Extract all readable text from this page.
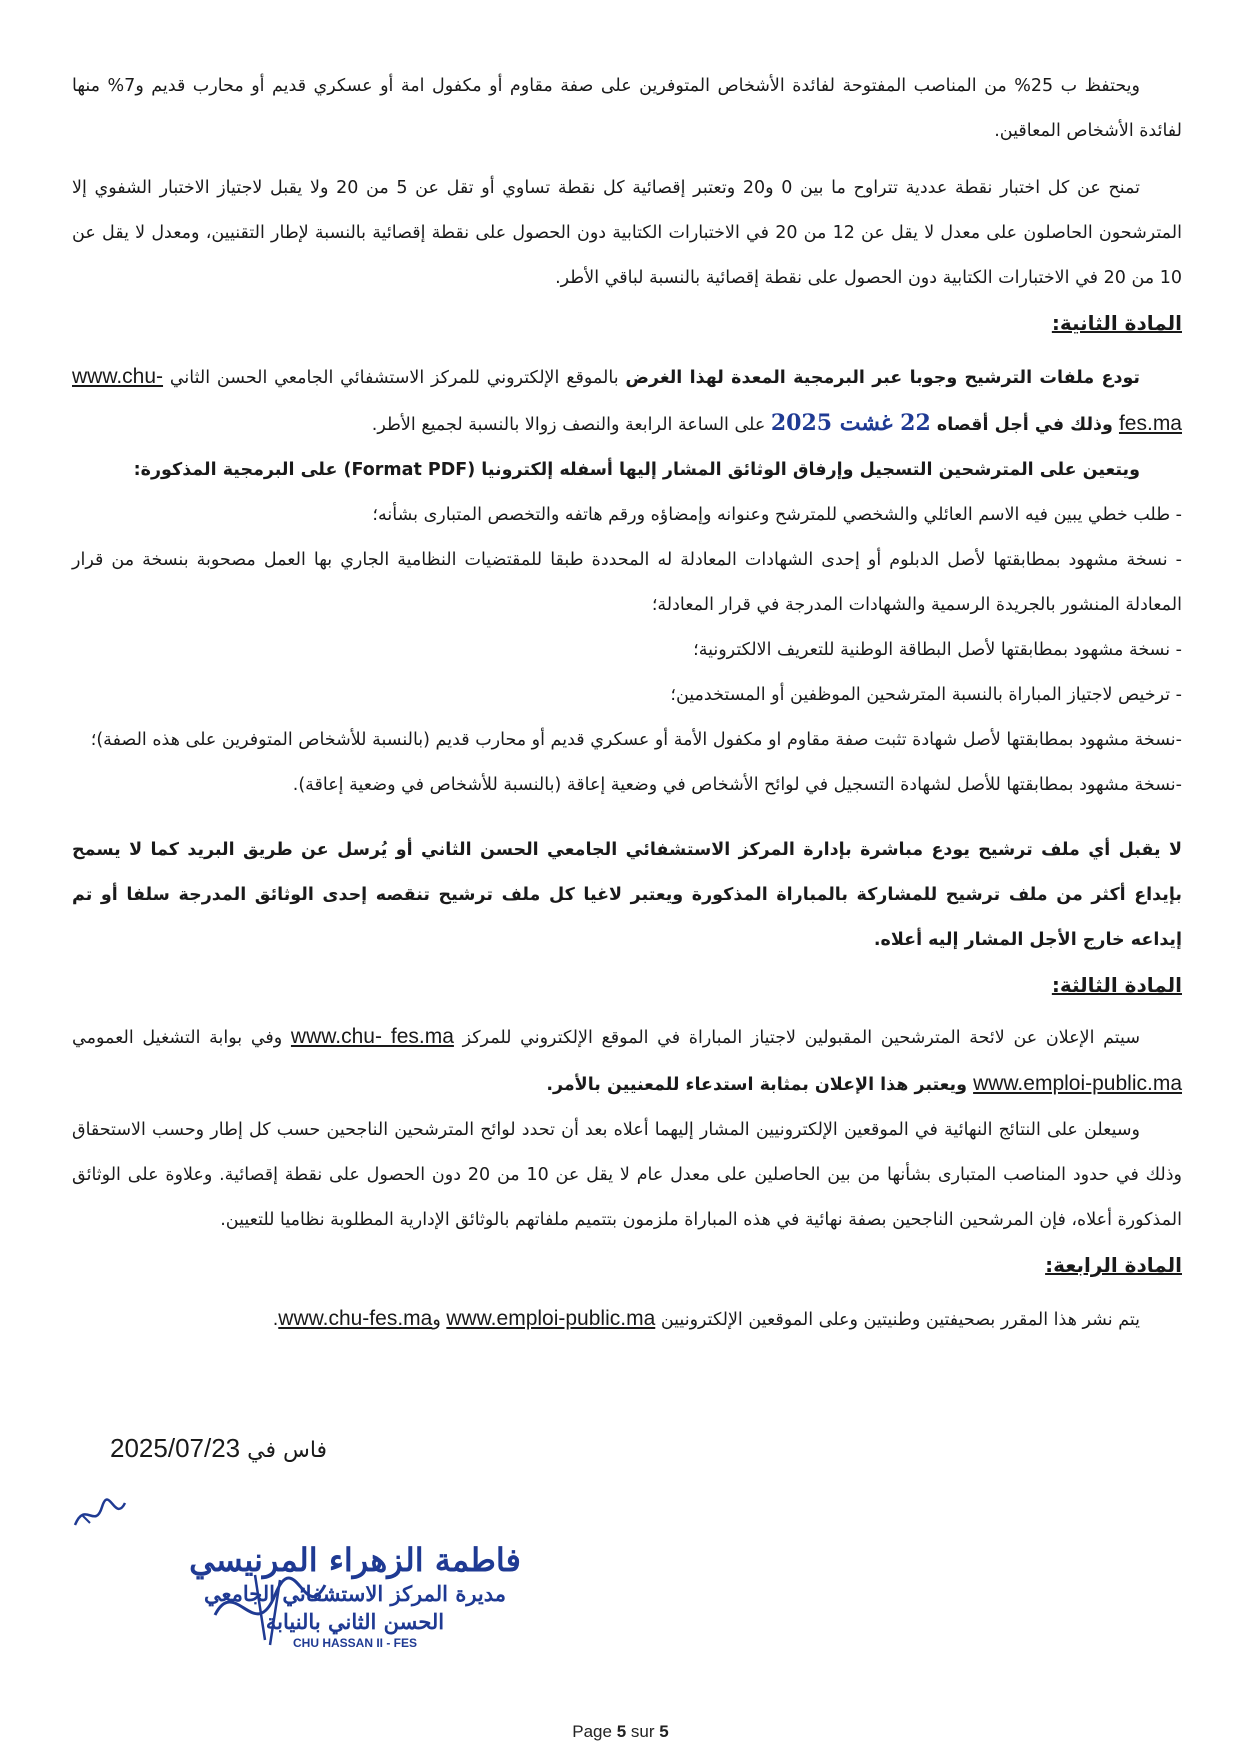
ويحتفظ ب 25% من المناصب المفتوحة لفائدة الأشخاص المتوفرين على صفة مقاوم أو مكفول امة أو عسكري قديم أو محارب قديم و7% منها لفائدة الأشخاص المعاقين.

تمنح عن كل اختبار نقطة عددية تتراوح ما بين 0 و20 وتعتبر إقصائية كل نقطة تساوي أو تقل عن 5 من 20 ولا يقبل لاجتياز الاختبار الشفوي إلا المترشحون الحاصلون على معدل لا يقل عن 12 من 20 في الاختبارات الكتابية دون الحصول على نقطة إقصائية بالنسبة لإطار التقنيين، ومعدل لا يقل عن 10 من 20 في الاختبارات الكتابية دون الحصول على نقطة إقصائية بالنسبة لباقي الأطر.

المادة الثانية:

تودع ملفات الترشيح وجوبا عبر البرمجية المعدة لهذا الغرض بالموقع الإلكتروني للمركز الاستشفائي الجامعي الحسن الثاني www.chu-fes.ma وذلك في أجل أقصاه 22 غشت 2025 على الساعة الرابعة والنصف زوالا بالنسبة لجميع الأطر.

ويتعين على المترشحين التسجيل وإرفاق الوثائق المشار إليها أسفله إلكترونيا (Format PDF) على البرمجية المذكورة:

- طلب خطي يبين فيه الاسم العائلي والشخصي للمترشح وعنوانه وإمضاؤه ورقم هاتفه والتخصص المتبارى بشأنه؛

- نسخة مشهود بمطابقتها لأصل الدبلوم أو إحدى الشهادات المعادلة له المحددة طبقا للمقتضيات النظامية الجاري بها العمل مصحوبة بنسخة من قرار المعادلة المنشور بالجريدة الرسمية والشهادات المدرجة في قرار المعادلة؛

- نسخة مشهود بمطابقتها لأصل البطاقة الوطنية للتعريف الالكترونية؛

- ترخيص لاجتياز المباراة بالنسبة المترشحين الموظفين أو المستخدمين؛

-نسخة مشهود بمطابقتها لأصل شهادة تثبت صفة مقاوم او مكفول الأمة أو عسكري قديم أو محارب قديم (بالنسبة للأشخاص المتوفرين على هذه الصفة)؛

-نسخة مشهود بمطابقتها للأصل لشهادة التسجيل في لوائح الأشخاص في وضعية إعاقة (بالنسبة للأشخاص في وضعية إعاقة).

لا يقبل أي ملف ترشيح يودع مباشرة بإدارة المركز الاستشفائي الجامعي الحسن الثاني أو يُرسل عن طريق البريد كما لا يسمح بإيداع أكثر من ملف ترشيح للمشاركة بالمباراة المذكورة ويعتبر لاغيا كل ملف ترشيح تنقصه إحدى الوثائق المدرجة سلفا أو تم إيداعه خارج الأجل المشار إليه أعلاه.

المادة الثالثة:

سيتم الإعلان عن لائحة المترشحين المقبولين لاجتياز المباراة في الموقع الإلكتروني للمركز www.chu- fes.ma وفي بوابة التشغيل العمومي www.emploi-public.ma ويعتبر هذا الإعلان بمثابة استدعاء للمعنيين بالأمر.

وسيعلن على النتائج النهائية في الموقعين الإلكترونيين المشار إليهما أعلاه بعد أن تحدد لوائح المترشحين الناجحين حسب كل إطار وحسب الاستحقاق وذلك في حدود المناصب المتبارى بشأنها من بين الحاصلين على معدل عام لا يقل عن 10 من 20 دون الحصول على نقطة إقصائية. وعلاوة على الوثائق المذكورة أعلاه، فإن المرشحين الناجحين بصفة نهائية في هذه المباراة ملزمون بتتميم ملفاتهم بالوثائق الإدارية المطلوبة نظاميا للتعيين.

المادة الرابعة:

يتم نشر هذا المقرر بصحيفتين وطنيتين وعلى الموقعين الإلكترونيين www.emploi-public.ma وwww.chu-fes.ma.

فاس في 2025/07/23
فاطمة الزهراء المرنيسي
مديرة المركز الاستشفائي الجامعي
الحسن الثاني بالنيابة
CHU HASSAN II - FES
Page 5 sur 5
